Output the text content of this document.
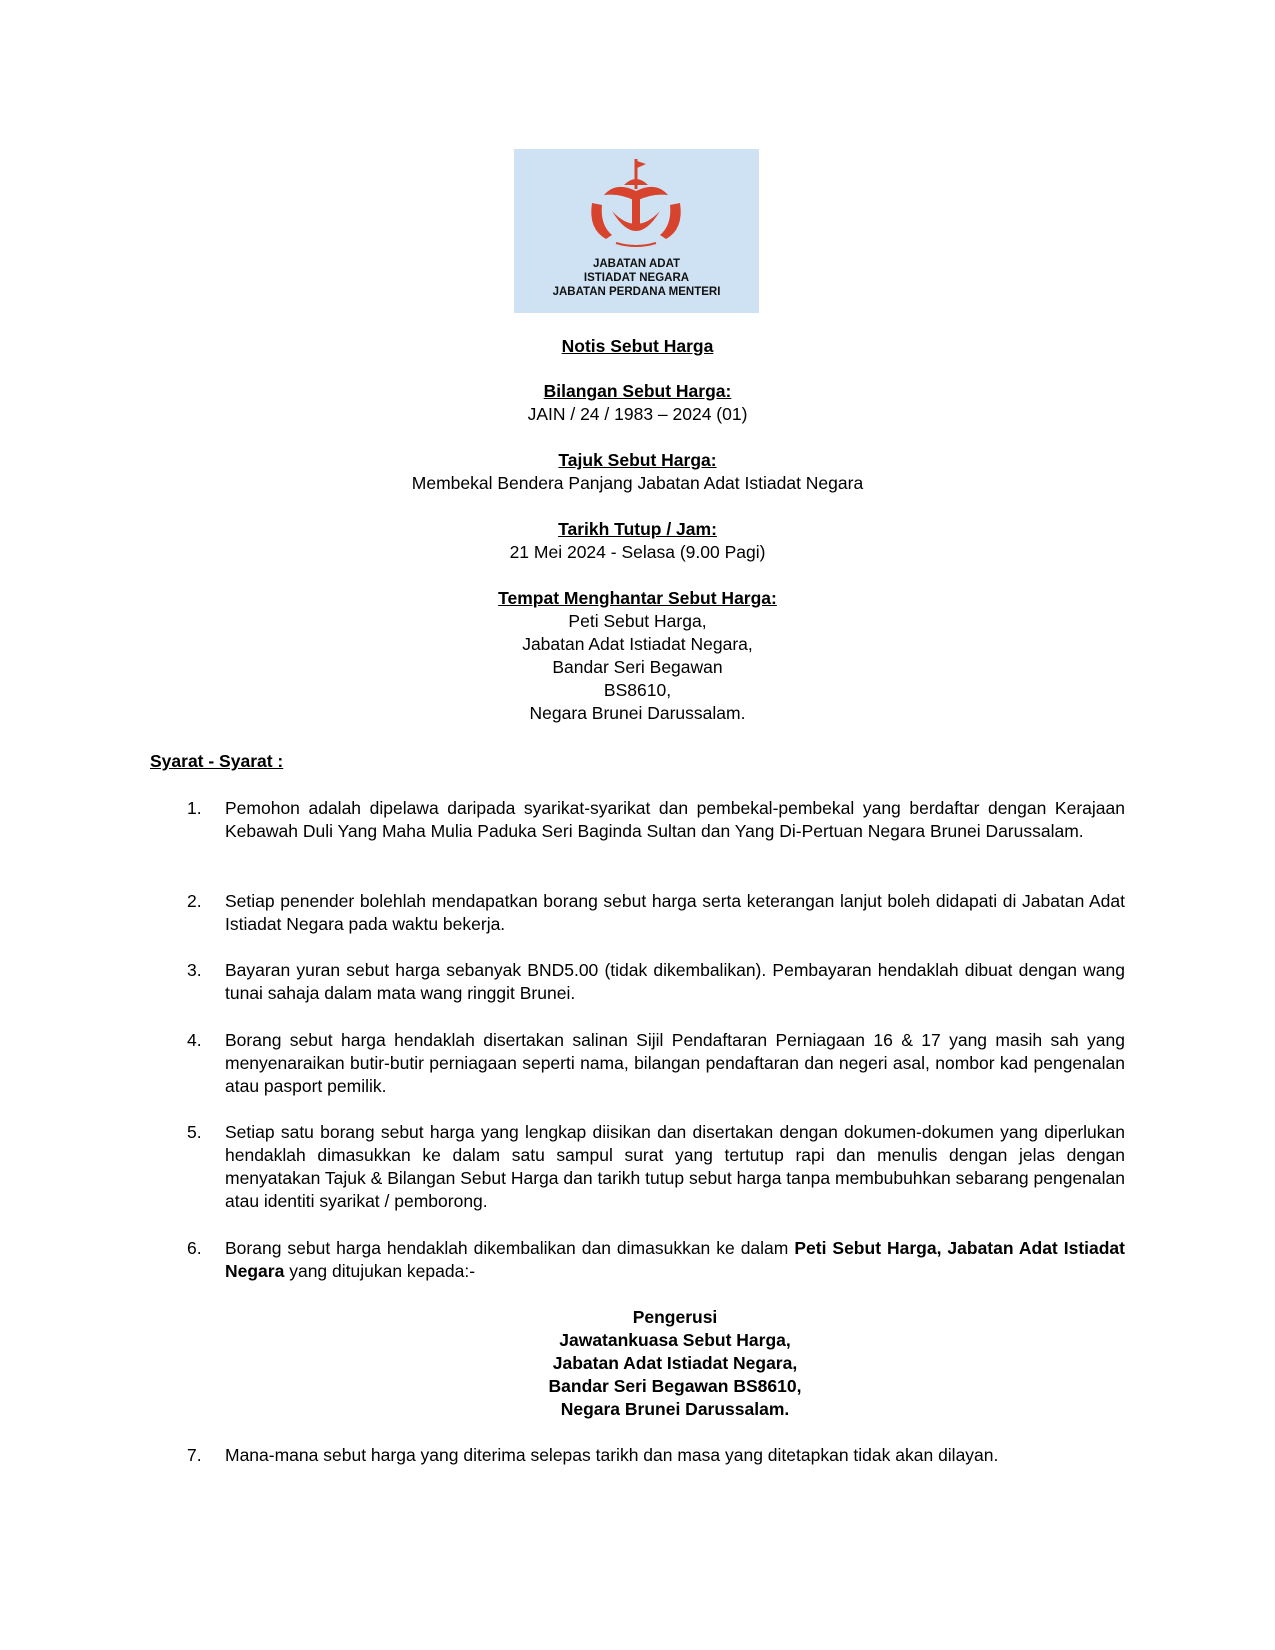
JABATAN ADAT
ISTIADAT NEGARA
JABATAN PERDANA MENTERI
Notis Sebut Harga
Bilangan Sebut Harga:
JAIN / 24 / 1983 – 2024 (01)
Tajuk Sebut Harga:
Membekal Bendera Panjang Jabatan Adat Istiadat Negara
Tarikh Tutup / Jam:
21 Mei 2024 - Selasa (9.00 Pagi)
Tempat Menghantar Sebut Harga:
Peti Sebut Harga,
Jabatan Adat Istiadat Negara,
Bandar Seri Begawan
BS8610,
Negara Brunei Darussalam.
Syarat - Syarat :
1. Pemohon adalah dipelawa daripada syarikat-syarikat dan pembekal-pembekal yang berdaftar dengan Kerajaan Kebawah Duli Yang Maha Mulia Paduka Seri Baginda Sultan dan Yang Di-Pertuan Negara Brunei Darussalam.
2. Setiap penender bolehlah mendapatkan borang sebut harga serta keterangan lanjut boleh didapati di Jabatan Adat Istiadat Negara pada waktu bekerja.
3. Bayaran yuran sebut harga sebanyak BND5.00 (tidak dikembalikan). Pembayaran hendaklah dibuat dengan wang tunai sahaja dalam mata wang ringgit Brunei.
4. Borang sebut harga hendaklah disertakan salinan Sijil Pendaftaran Perniagaan 16 & 17 yang masih sah yang menyenaraikan butir-butir perniagaan seperti nama, bilangan pendaftaran dan negeri asal, nombor kad pengenalan atau pasport pemilik.
5. Setiap satu borang sebut harga yang lengkap diisikan dan disertakan dengan dokumen-dokumen yang diperlukan hendaklah dimasukkan ke dalam satu sampul surat yang tertutup rapi dan menulis dengan jelas dengan menyatakan Tajuk & Bilangan Sebut Harga dan tarikh tutup sebut harga tanpa membubuhkan sebarang pengenalan atau identiti syarikat / pemborong.
6. Borang sebut harga hendaklah dikembalikan dan dimasukkan ke dalam Peti Sebut Harga, Jabatan Adat Istiadat Negara yang ditujukan kepada:-
Pengerusi
Jawatankuasa Sebut Harga,
Jabatan Adat Istiadat Negara,
Bandar Seri Begawan BS8610,
Negara Brunei Darussalam.
7. Mana-mana sebut harga yang diterima selepas tarikh dan masa yang ditetapkan tidak akan dilayan.
